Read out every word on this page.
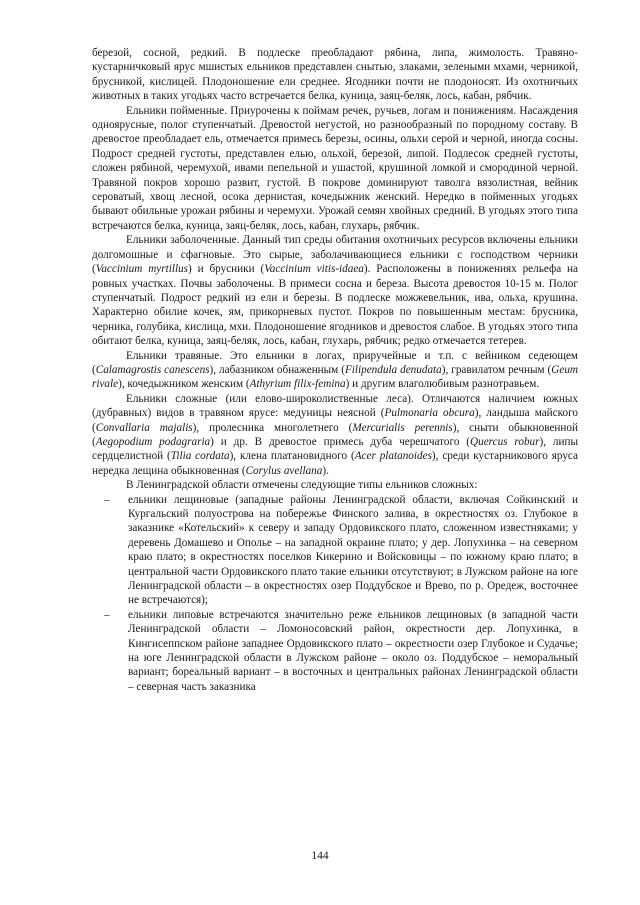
березой, сосной, редкий. В подлеске преобладают рябина, липа, жимолость. Травяно-кустарничковый ярус мшистых ельников представлен снытью, злаками, зелеными мхами, черникой, брусникой, кислицей. Плодоношение ели среднее. Ягодники почти не плодоносят. Из охотничьих животных в таких угодьях часто встречается белка, куница, заяц-беляк, лось, кабан, рябчик.

Ельники пойменные. Приурочены к поймам речек, ручьев, логам и понижениям. Насаждения одноярусные, полог ступенчатый. Древостой негустой, но разнообразный по породному составу. В древостое преобладает ель, отмечается примесь березы, осины, ольхи серой и черной, иногда сосны. Подрост средней густоты, представлен елью, ольхой, березой, липой. Подлесок средней густоты, сложен рябиной, черемухой, ивами пепельной и ушастой, крушиной ломкой и смородиной черной. Травяной покров хорошо развит, густой. В покрове доминируют таволга вязолистная, вейник сероватый, хвощ лесной, осока дернистая, кочедыжник женский. Нередко в пойменных угодьях бывают обильные урожаи рябины и черемухи. Урожай семян хвойных средний. В угодьях этого типа встречаются белка, куница, заяц-беляк, лось, кабан, глухарь, рябчик.

Ельники заболоченные. Данный тип среды обитания охотничьих ресурсов включены ельники долгомошные и сфагновые. Это сырые, заболачивающиеся ельники с господством черники (Vaccinium myrtillus) и брусники (Vaccinium vitis-idaea). Расположены в понижениях рельефа на ровных участках. Почвы заболочены. В примеси сосна и береза. Высота древостоя 10-15 м. Полог ступенчатый. Подрост редкий из ели и березы. В подлеске можжевельник, ива, ольха, крушина. Характерно обилие кочек, ям, прикорневых пустот. Покров по повышенным местам: брусника, черника, голубика, кислица, мхи. Плодоношение ягодников и древостоя слабое. В угодьях этого типа обитают белка, куница, заяц-беляк, лось, кабан, глухарь, рябчик; редко отмечается тетерев.

Ельники травяные. Это ельники в логах, приручейные и т.п. с вейником седеющем (Calamagrostis canescens), лабазником обнаженным (Filipendula denudata), гравилатом речным (Geum rivale), кочедыжником женским (Athyrium filix-femina) и другим влаголюбивым разнотравьем.

Ельники сложные (или елово-широколиственные леса). Отличаются наличием южных (дубравных) видов в травяном ярусе: медуницы неясной (Pulmonaria obcura), ландыша майского (Convallaria majalis), пролесника многолетнего (Mercurialis perennis), сныти обыкновенной (Aegopodium podagraria) и др. В древостое примесь дуба черешчатого (Quercus robur), липы сердцелистной (Tilia cordata), клена платановидного (Acer platanoides), среди кустарникового яруса нередка лещина обыкновенная (Corylus avellana).

В Ленинградской области отмечены следующие типы ельников сложных:

– ельники лещиновые (западные районы Ленинградской области, включая Сойкинский и Кургальский полуострова на побережье Финского залива, в окрестностях оз. Глубокое в заказнике «Котельский» к северу и западу Ордовикского плато, сложенном известняками; у деревень Домашево и Ополье – на западной окраине плато; у дер. Лопухинка – на северном краю плато; в окрестностях поселков Кикерино и Войсковицы – по южному краю плато; в центральной части Ордовикского плато такие ельники отсутствуют; в Лужском районе на юге Ленинградской области – в окрестностях озер Поддубское и Врево, по р. Оредеж, восточнее не встречаются);
– ельники липовые встречаются значительно реже ельников лещиновых (в западной части Ленинградской области – Ломоносовский район, окрестности дер. Лопухинка, в Кингисеппском районе западнее Ордовикского плато – окрестности озер Глубокое и Судачье; на юге Ленинградской области в Лужском районе – около оз. Поддубское – неморальный вариант; бореальный вариант – в восточных и центральных районах Ленинградской области – северная часть заказника
144
